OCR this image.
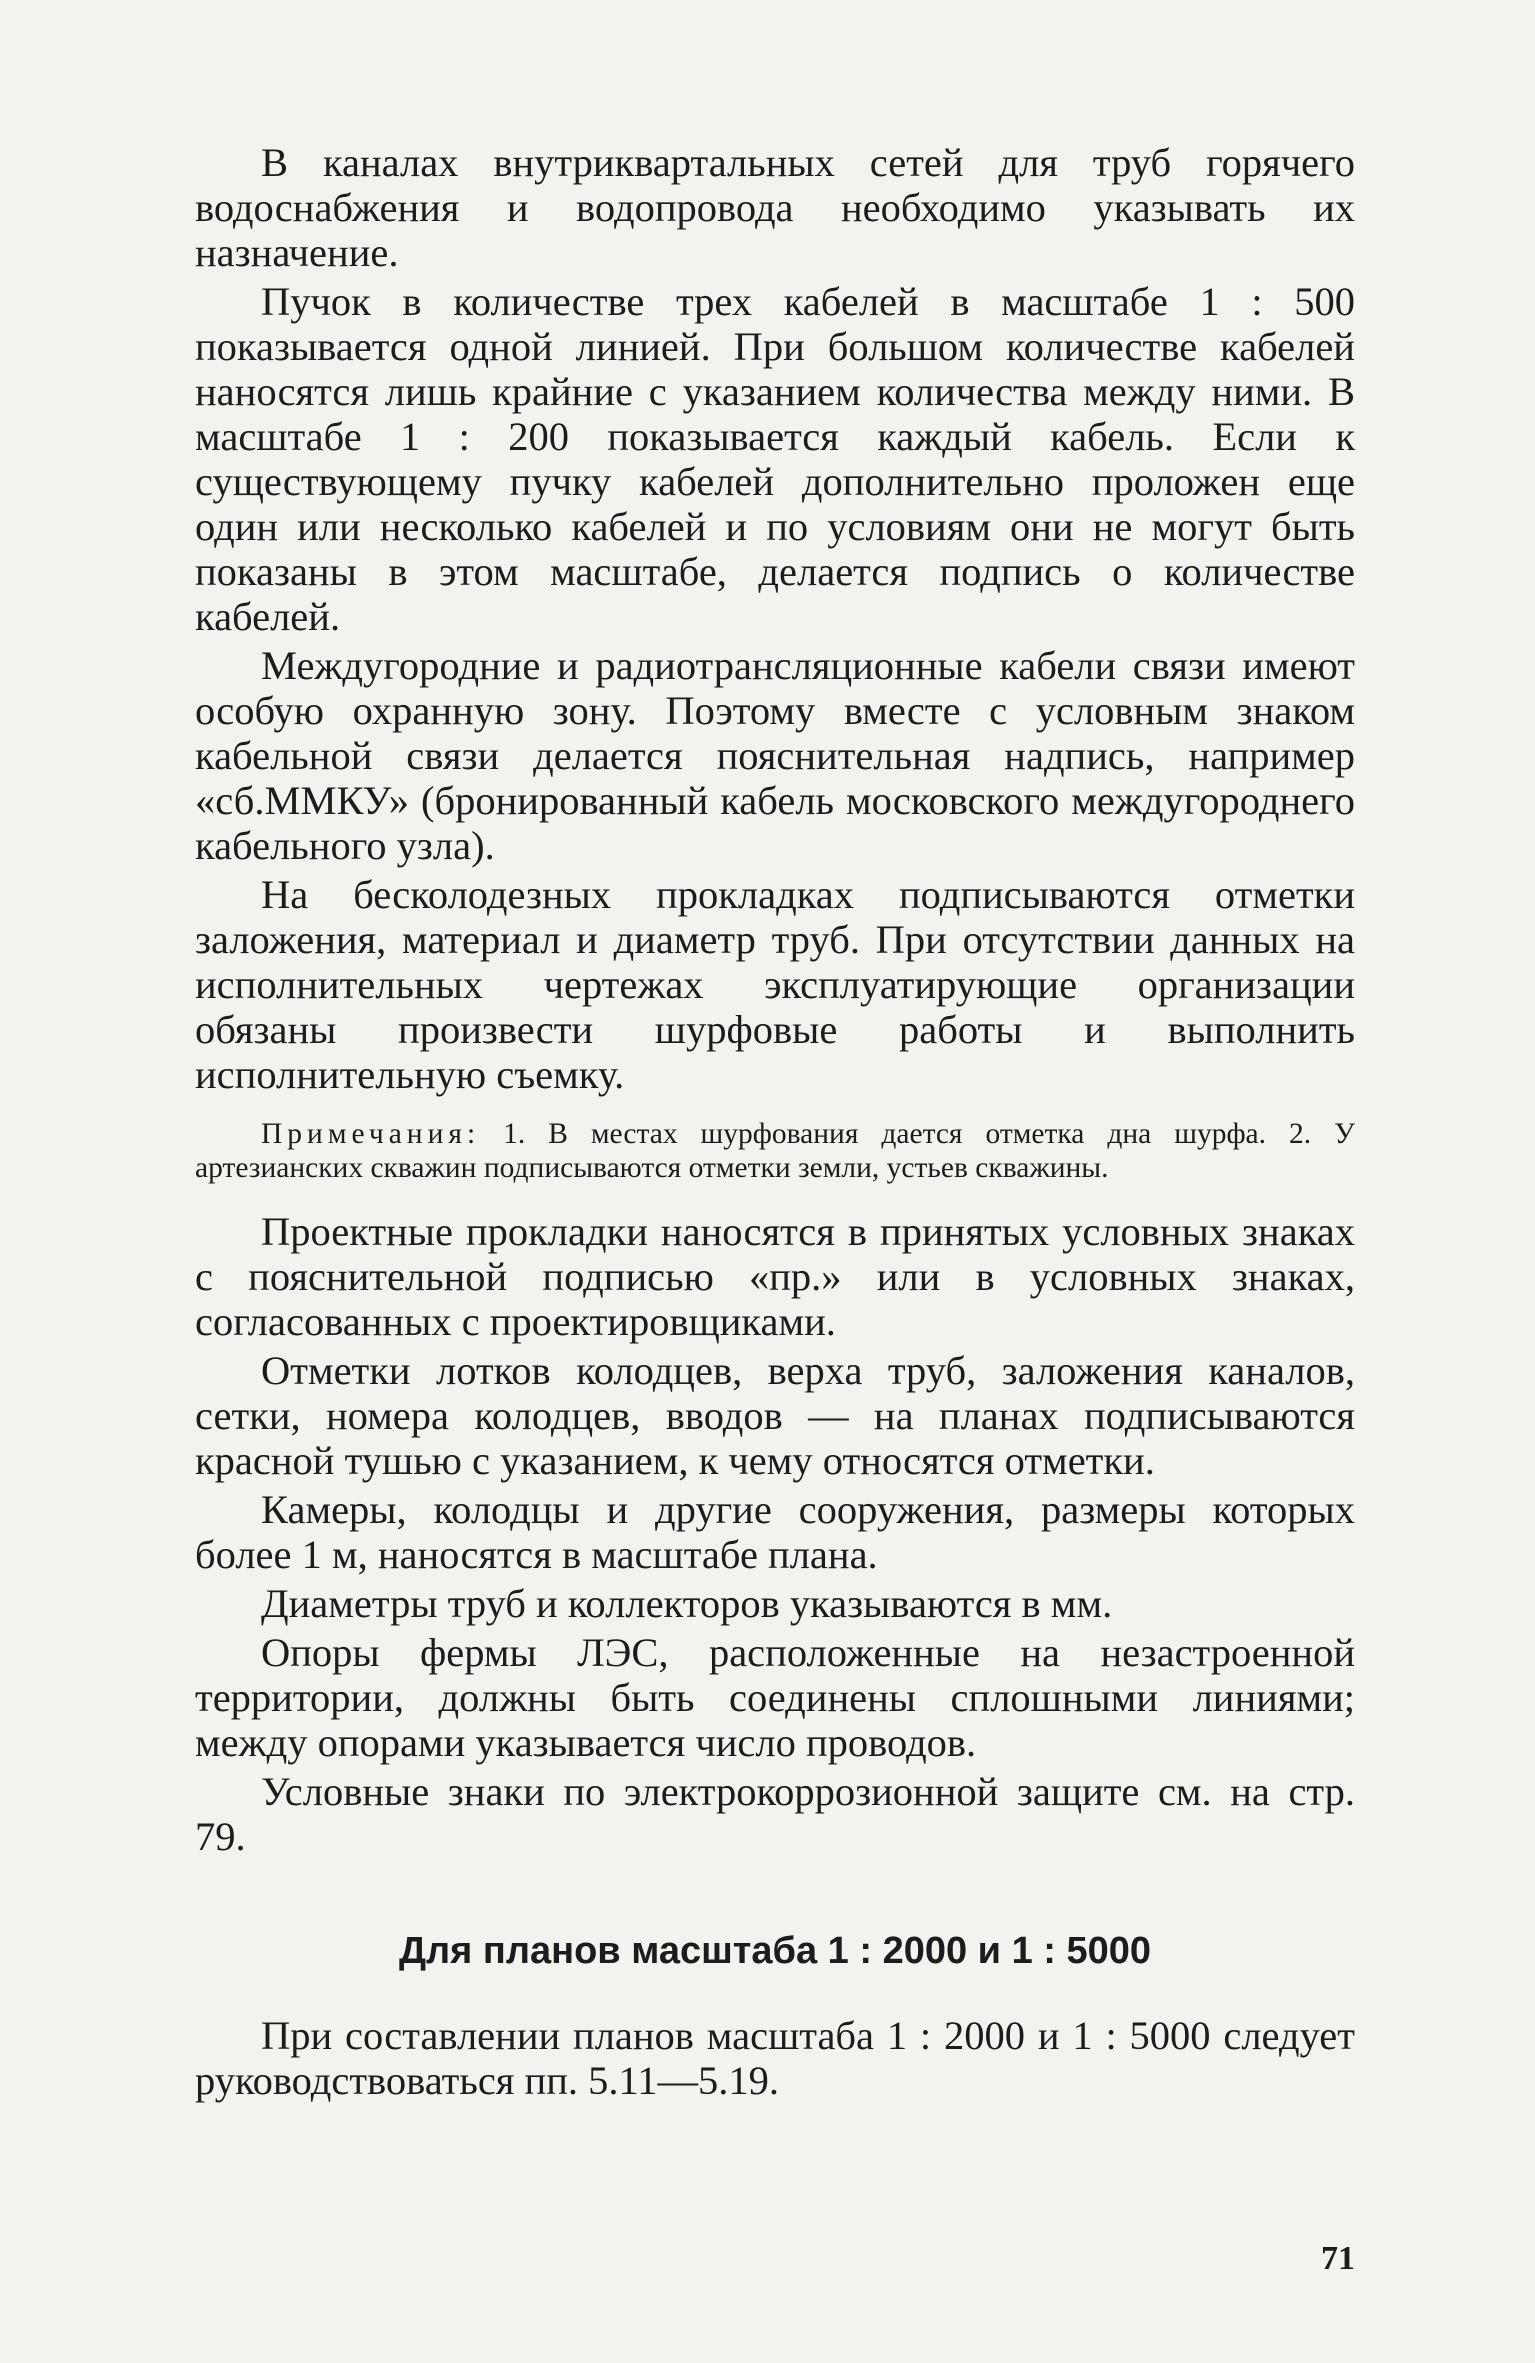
В каналах внутриквартальных сетей для труб горячего водоснабжения и водопровода необходимо указывать их назначение.

Пучок в количестве трех кабелей в масштабе 1 : 500 показывается одной линией. При большом количестве кабелей наносятся лишь крайние с указанием количества между ними. В масштабе 1 : 200 показывается каждый кабель. Если к существующему пучку кабелей дополнительно проложен еще один или несколько кабелей и по условиям они не могут быть показаны в этом масштабе, делается подпись о количестве кабелей.

Междугородние и радиотрансляционные кабели связи имеют особую охранную зону. Поэтому вместе с условным знаком кабельной связи делается пояснительная надпись, например «сб.ММКУ» (бронированный кабель московского междугороднего кабельного узла).

На бесколодезных прокладках подписываются отметки заложения, материал и диаметр труб. При отсутствии данных на исполнительных чертежах эксплуатирующие организации обязаны произвести шурфовые работы и выполнить исполнительную съемку.

Примечания: 1. В местах шурфования дается отметка дна шурфа. 2. У артезианских скважин подписываются отметки земли, устьев скважины.

Проектные прокладки наносятся в принятых условных знаках с пояснительной подписью «пр.» или в условных знаках, согласованных с проектировщиками.

Отметки лотков колодцев, верха труб, заложения каналов, сетки, номера колодцев, вводов — на планах подписываются красной тушью с указанием, к чему относятся отметки.

Камеры, колодцы и другие сооружения, размеры которых более 1 м, наносятся в масштабе плана.

Диаметры труб и коллекторов указываются в мм.

Опоры фермы ЛЭС, расположенные на незастроенной территории, должны быть соединены сплошными линиями; между опорами указывается число проводов.

Условные знаки по электрокоррозионной защите см. на стр. 79.

Для планов масштаба 1 : 2000 и 1 : 5000

При составлении планов масштаба 1 : 2000 и 1 : 5000 следует руководствоваться пп. 5.11—5.19.

71
